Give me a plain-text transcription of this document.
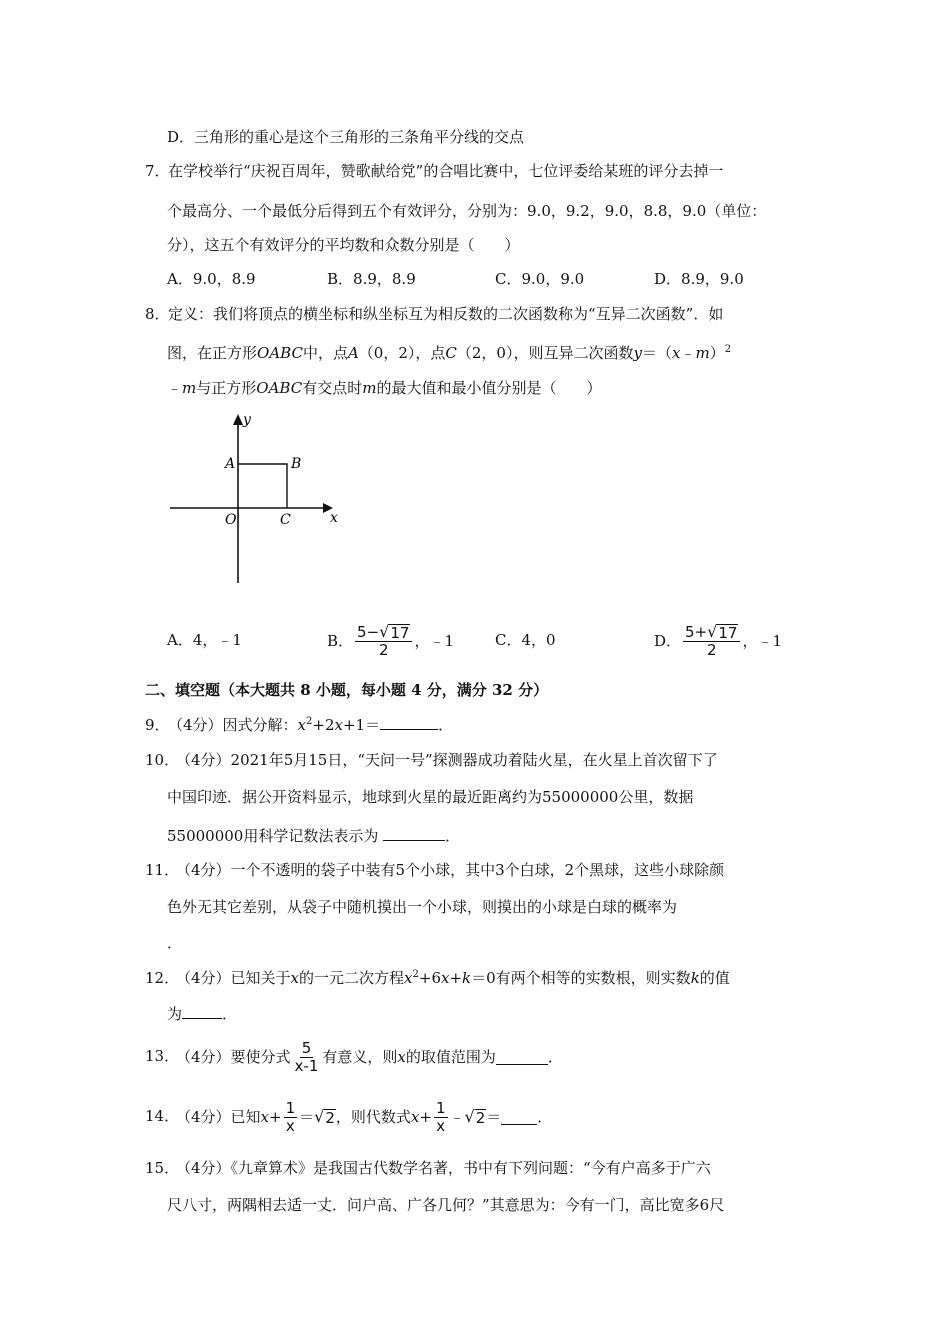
D．三角形的重心是这个三角形的三条角平分线的交点
7．
在学校举行“庆祝百周年，赞歌献给党”的合唱比赛中，七位评委给某班的评分去掉一
个最高分、一个最低分后得到五个有效评分，分别为：9.0，9.2，9.0，8.8，9.0（单位：
分），这五个有效评分的平均数和众数分别是（　　）
A．9.0，8.9	B．8.9，8.9	C．9.0，9.0	D．8.9，9.0
8．
定义：我们将顶点的横坐标和纵坐标互为相反数的二次函数称为“互异二次函数”．如
图，在正方形OABC中，点A（0，2），点C（2，0），则互异二次函数y＝（x﹣m）$^2$
﹣m与正方形OABC有交点时m的最大值和最小值分别是（　　）
y
x
A	B
O	C
A．4，﹣1	B． $\frac{5- √ 17}{2}$ ，﹣1	C．4，0	D． $\frac{5+ √ 17}{2}$ ，﹣1
二、填空题（本大题共 8 小题，每小题 4 分，满分 32 分）
9．
（4分）因式分解：$x^2+2x+1=$	．
10．
（4分）2021年5月15日，“天问一号”探测器成功着陆火星，在火星上首次留下了
中国印迹．据公开资料显示，地球到火星的最近距离约为55000000公里，数据
55000000用科学记数法表示为	．
11．
（4分）一个不透明的袋子中装有5个小球，其中3个白球，2个黑球，这些小球除颜
色外无其它差别，从袋子中随机摸出一个小球，则摸出的小球是白球的概率为
．
12．
（4分）已知关于x的一元二次方程$x^2+6x+k=0$有两个相等的实数根，则实数k的值
为	．
13．
（4分）要使分式 $\frac{5}{x-1}$ 有意义，则 x 的取值范围为	．
14．
（4分）已知 $x + \frac{1}{x}$ ＝ √ 2 ，则代数式 $x + \frac{1}{x}$ ﹣ √ 2 ＝ ．
15．
（4分）《九章算术》是我国古代数学名著，书中有下列问题：“今有户高多于广六
尺八寸，两隅相去适一丈．问户高、广各几何？”其意思为：今有一门，高比宽多6尺
